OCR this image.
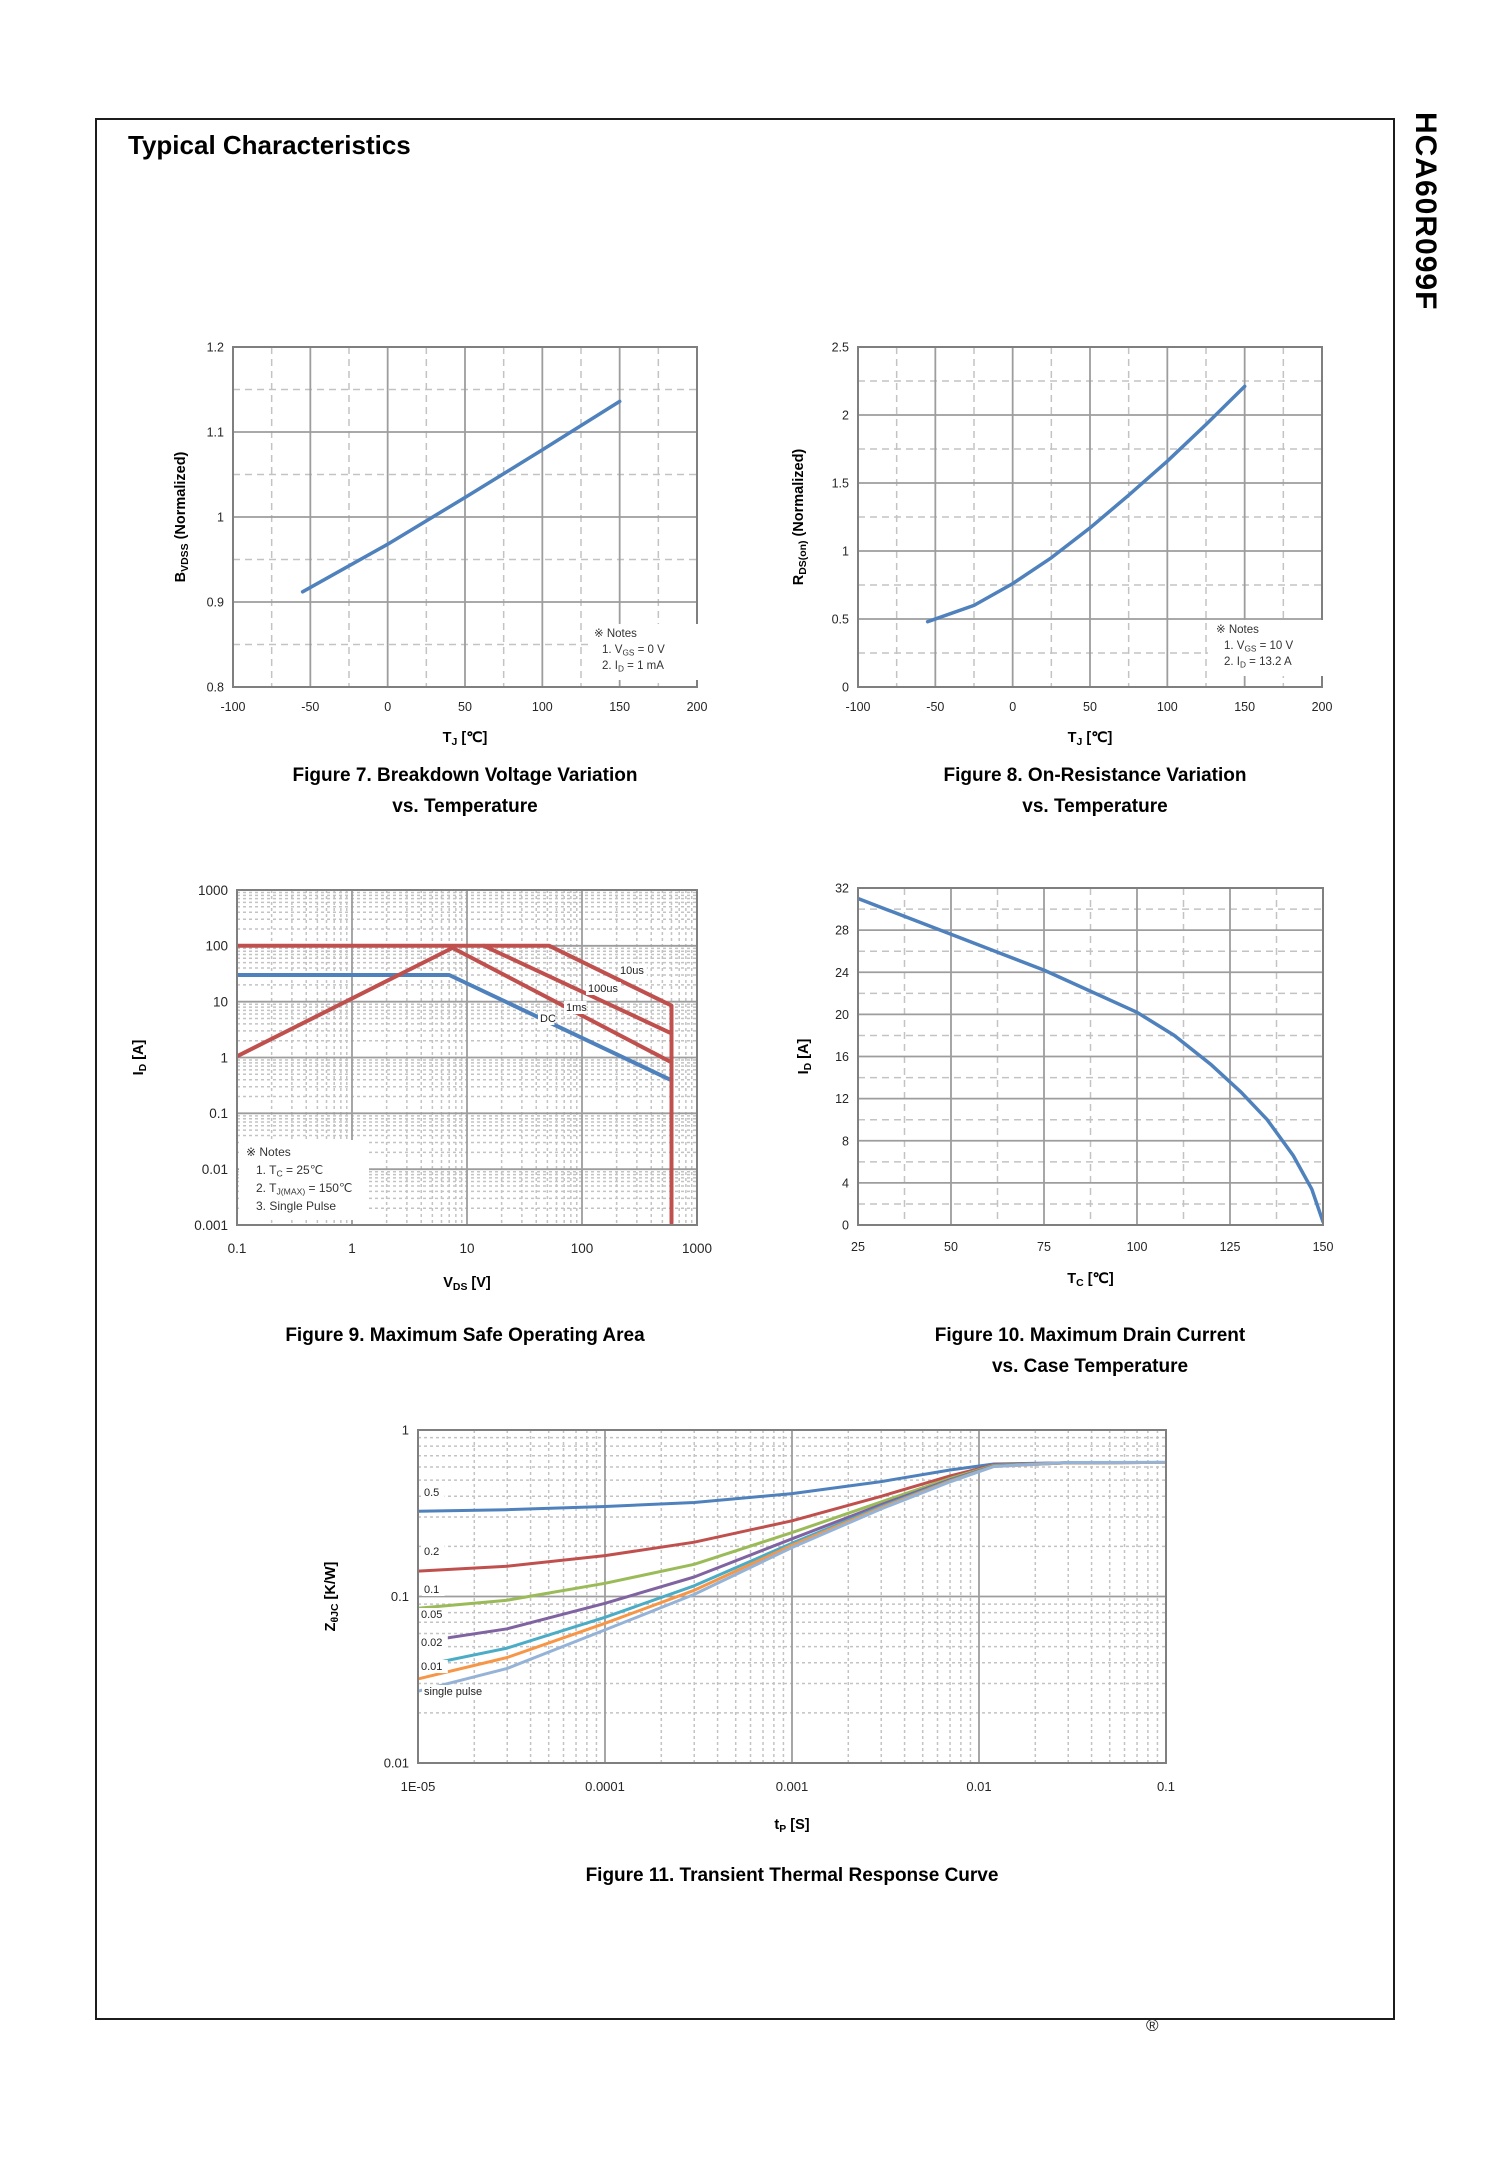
Typical Characteristics	HCA60R099F
-100	-50	0	50	100	150	200
0.8
0.9
1
1.1
1.2
$T_J$ [℃]
$B_{VDSS}$ (Normalized)
※ Notes
1. $V_{GS} = 0$ V
2. $I_D = 1$ mA
-100	-50	0	50	100	150	200
0
0.5
1
1.5
2
2.5
$T_J$ [℃]
$R_{DS(on)}$ (Normalized)
※ Notes
1. $V_{GS} = 10$ V
2. $I_D = 13.2$ A
0.1	1	10	100	1000
1000
100
10
1
0.1
0.01
0.001
$V_{DS}$ [V]
$I_D$ [A]
10us
100us
1ms
DC
※ Notes
1. $T_C$ = 25℃
2. $T_{J(MAX)}$ = 150℃
3. Single Pulse
25	50	75	100	125	150
0
4
8
12
16
20
24
28
32
$T_C$ [℃]
$I_D$ [A]
1E-05	0.0001	0.001	0.01	0.1
1
0.1
0.01
$t_P$ [S]
$Z_{\theta JC}$ [K/W]
0.5
0.2
0.1
0.05
0.02
0.01
single pulse
Figure 7. Breakdown Voltage Variation
vs. Temperature
Figure 8. On-Resistance Variation
vs. Temperature
Figure 9. Maximum Safe Operating Area	Figure 10. Maximum Drain Current
vs. Case Temperature
Figure 11. Transient Thermal Response Curve
®
